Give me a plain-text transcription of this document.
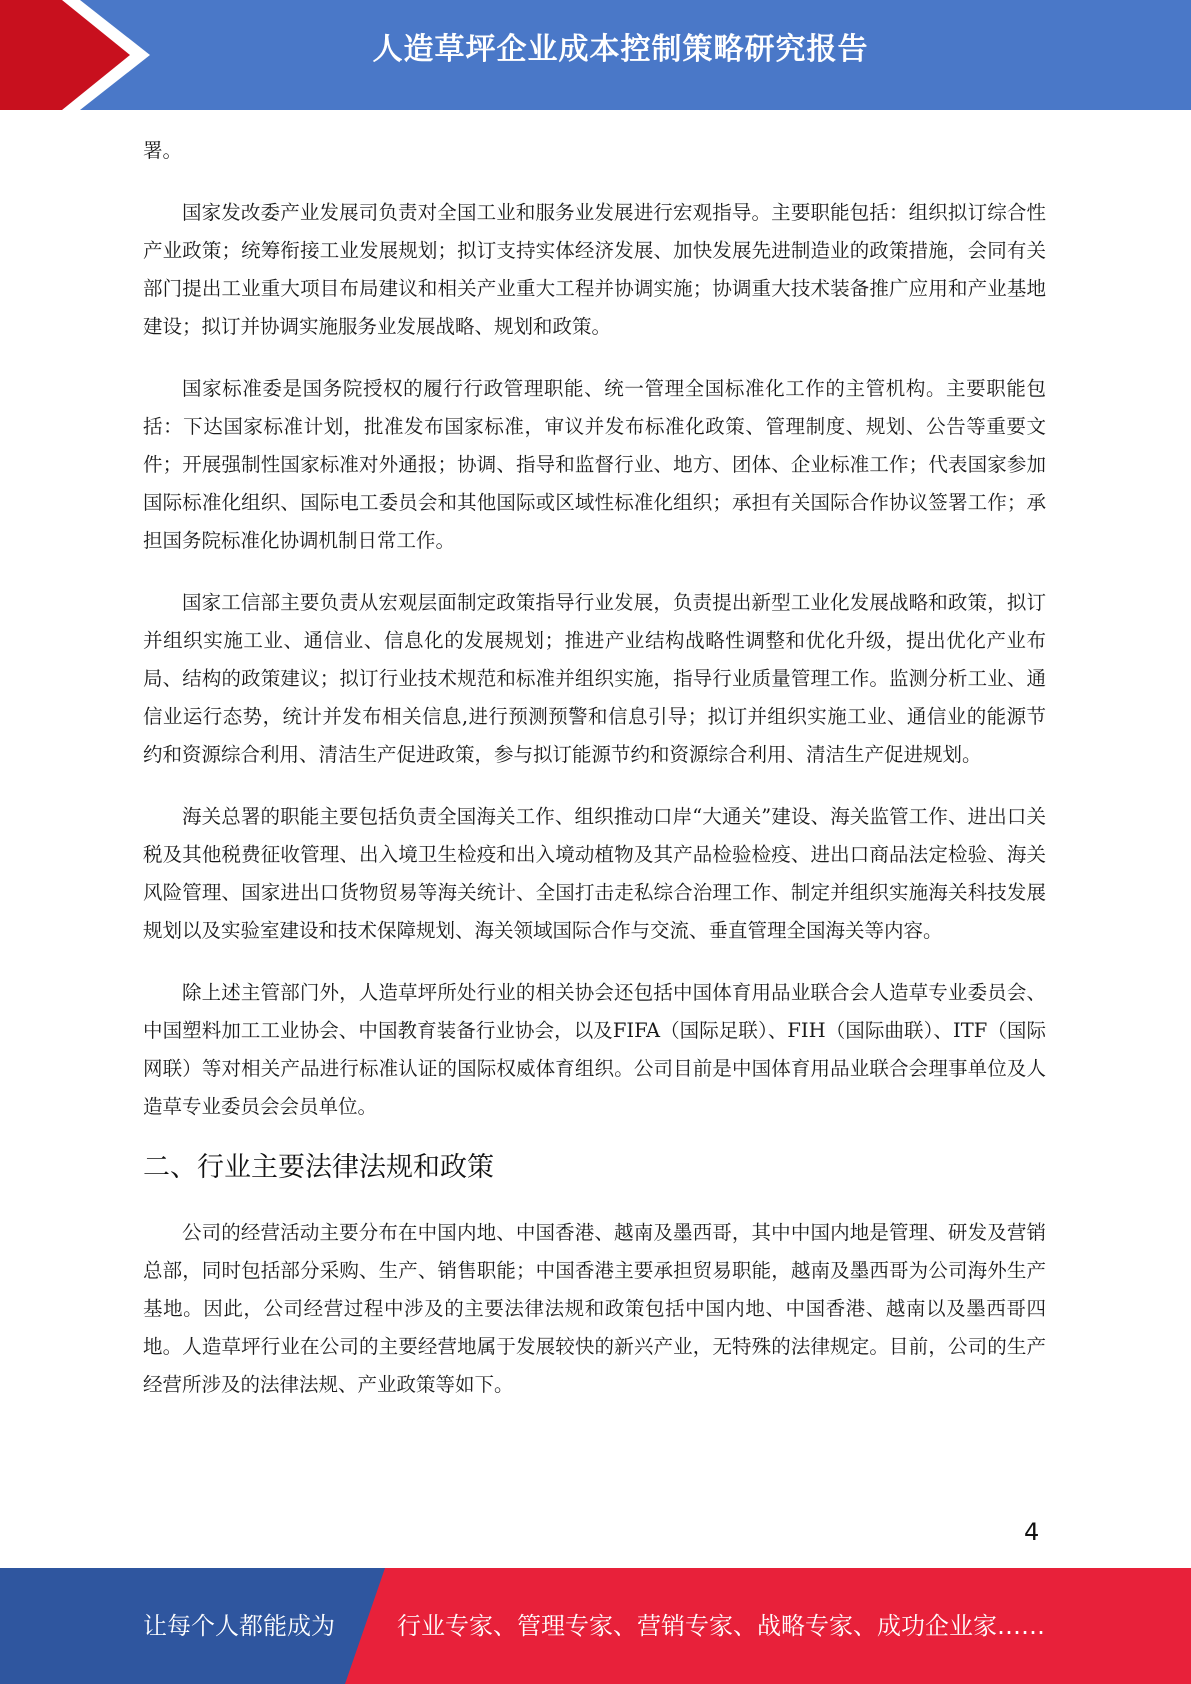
人造草坪企业成本控制策略研究报告

署。

国家发改委产业发展司负责对全国工业和服务业发展进行宏观指导。主要职能包括：组织拟订综合性产业政策；统筹衔接工业发展规划；拟订支持实体经济发展、加快发展先进制造业的政策措施，会同有关部门提出工业重大项目布局建议和相关产业重大工程并协调实施；协调重大技术装备推广应用和产业基地建设；拟订并协调实施服务业发展战略、规划和政策。

国家标准委是国务院授权的履行行政管理职能、统一管理全国标准化工作的主管机构。主要职能包括：下达国家标准计划，批准发布国家标准，审议并发布标准化政策、管理制度、规划、公告等重要文件；开展强制性国家标准对外通报；协调、指导和监督行业、地方、团体、企业标准工作；代表国家参加国际标准化组织、国际电工委员会和其他国际或区域性标准化组织；承担有关国际合作协议签署工作；承担国务院标准化协调机制日常工作。

国家工信部主要负责从宏观层面制定政策指导行业发展，负责提出新型工业化发展战略和政策，拟订并组织实施工业、通信业、信息化的发展规划；推进产业结构战略性调整和优化升级，提出优化产业布局、结构的政策建议；拟订行业技术规范和标准并组织实施，指导行业质量管理工作。监测分析工业、通信业运行态势，统计并发布相关信息,进行预测预警和信息引导；拟订并组织实施工业、通信业的能源节约和资源综合利用、清洁生产促进政策，参与拟订能源节约和资源综合利用、清洁生产促进规划。

海关总署的职能主要包括负责全国海关工作、组织推动口岸“大通关”建设、海关监管工作、进出口关税及其他税费征收管理、出入境卫生检疫和出入境动植物及其产品检验检疫、进出口商品法定检验、海关风险管理、国家进出口货物贸易等海关统计、全国打击走私综合治理工作、制定并组织实施海关科技发展规划以及实验室建设和技术保障规划、海关领域国际合作与交流、垂直管理全国海关等内容。

除上述主管部门外，人造草坪所处行业的相关协会还包括中国体育用品业联合会人造草专业委员会、中国塑料加工工业协会、中国教育装备行业协会，以及FIFA（国际足联）、FIH（国际曲联）、ITF（国际网联）等对相关产品进行标准认证的国际权威体育组织。公司目前是中国体育用品业联合会理事单位及人造草专业委员会会员单位。

二、行业主要法律法规和政策

公司的经营活动主要分布在中国内地、中国香港、越南及墨西哥，其中中国内地是管理、研发及营销总部，同时包括部分采购、生产、销售职能；中国香港主要承担贸易职能，越南及墨西哥为公司海外生产基地。因此，公司经营过程中涉及的主要法律法规和政策包括中国内地、中国香港、越南以及墨西哥四地。人造草坪行业在公司的主要经营地属于发展较快的新兴产业，无特殊的法律规定。目前，公司的生产经营所涉及的法律法规、产业政策等如下。

4
让每个人都能成为	行业专家、管理专家、营销专家、战略专家、成功企业家……
